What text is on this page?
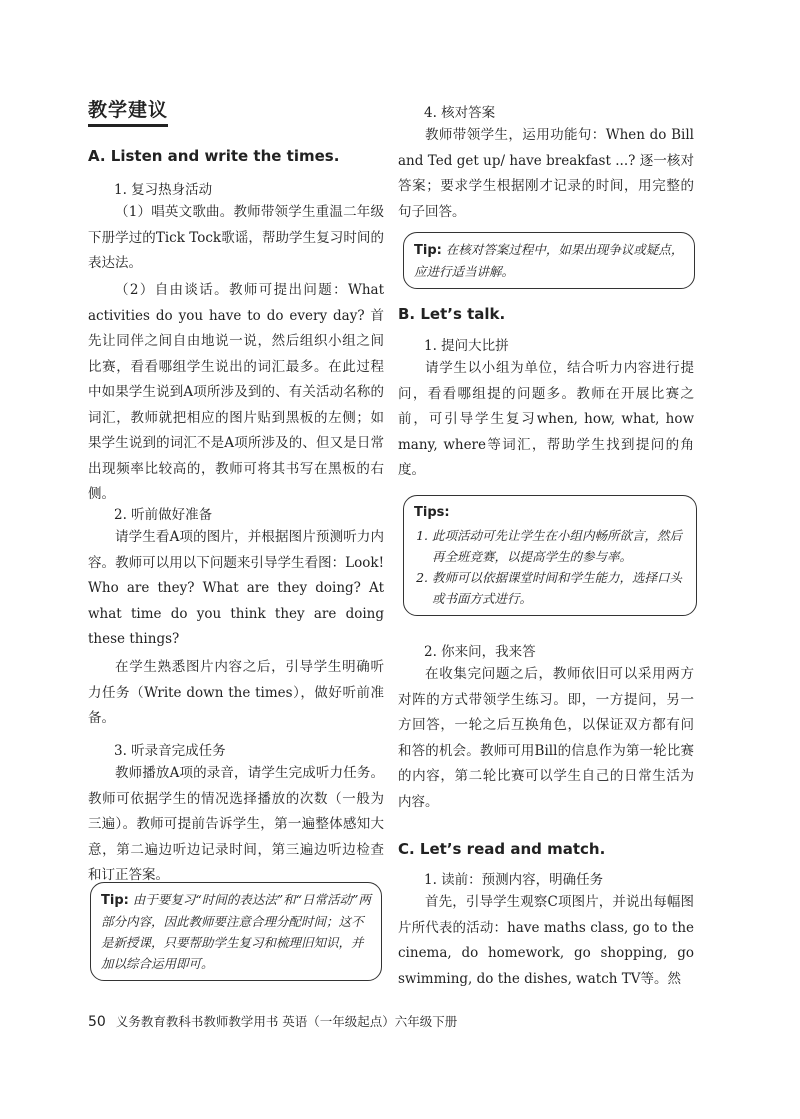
教学建议
A. Listen and write the times.
1. 复习热身活动
（1）唱英文歌曲。教师带领学生重温二年级下册学过的Tick Tock歌谣，帮助学生复习时间的表达法。
（2）自由谈话。教师可提出问题：What activities do you have to do every day? 首先让同伴之间自由地说一说，然后组织小组之间比赛，看看哪组学生说出的词汇最多。在此过程中如果学生说到A项所涉及到的、有关活动名称的词汇，教师就把相应的图片贴到黑板的左侧；如果学生说到的词汇不是A项所涉及的、但又是日常出现频率比较高的，教师可将其书写在黑板的右侧。
2. 听前做好准备
请学生看A项的图片，并根据图片预测听力内容。教师可以用以下问题来引导学生看图：Look! Who are they? What are they doing? At what time do you think they are doing these things?
在学生熟悉图片内容之后，引导学生明确听力任务（Write down the times），做好听前准备。
3. 听录音完成任务
教师播放A项的录音，请学生完成听力任务。教师可依据学生的情况选择播放的次数（一般为三遍）。教师可提前告诉学生，第一遍整体感知大意，第二遍边听边记录时间，第三遍边听边检查和订正答案。
Tip: 由于要复习“时间的表达法”和“日常活动”两部分内容，因此教师要注意合理分配时间；这不是新授课，只要帮助学生复习和梳理旧知识，并加以综合运用即可。
4. 核对答案
教师带领学生，运用功能句：When do Bill and Ted get up/ have breakfast ...? 逐一核对答案；要求学生根据刚才记录的时间，用完整的句子回答。
Tip: 在核对答案过程中，如果出现争议或疑点，应进行适当讲解。
B. Let’s talk.
1. 提问大比拼
请学生以小组为单位，结合听力内容进行提问，看看哪组提的问题多。教师在开展比赛之前，可引导学生复习when, how, what, how many, where等词汇，帮助学生找到提问的角度。
Tips:
1. 此项活动可先让学生在小组内畅所欲言，然后再全班竞赛，以提高学生的参与率。
2. 教师可以依据课堂时间和学生能力，选择口头或书面方式进行。
2. 你来问，我来答
在收集完问题之后，教师依旧可以采用两方对阵的方式带领学生练习。即，一方提问，另一方回答，一轮之后互换角色，以保证双方都有问和答的机会。教师可用Bill的信息作为第一轮比赛的内容，第二轮比赛可以学生自己的日常生活为内容。
C. Let’s read and match.
1. 读前：预测内容，明确任务
首先，引导学生观察C项图片，并说出每幅图片所代表的活动：have maths class, go to the cinema, do homework, go shopping, go swimming, do the dishes, watch TV等。然
50 义务教育教科书教师教学用书 英语（一年级起点）六年级下册
